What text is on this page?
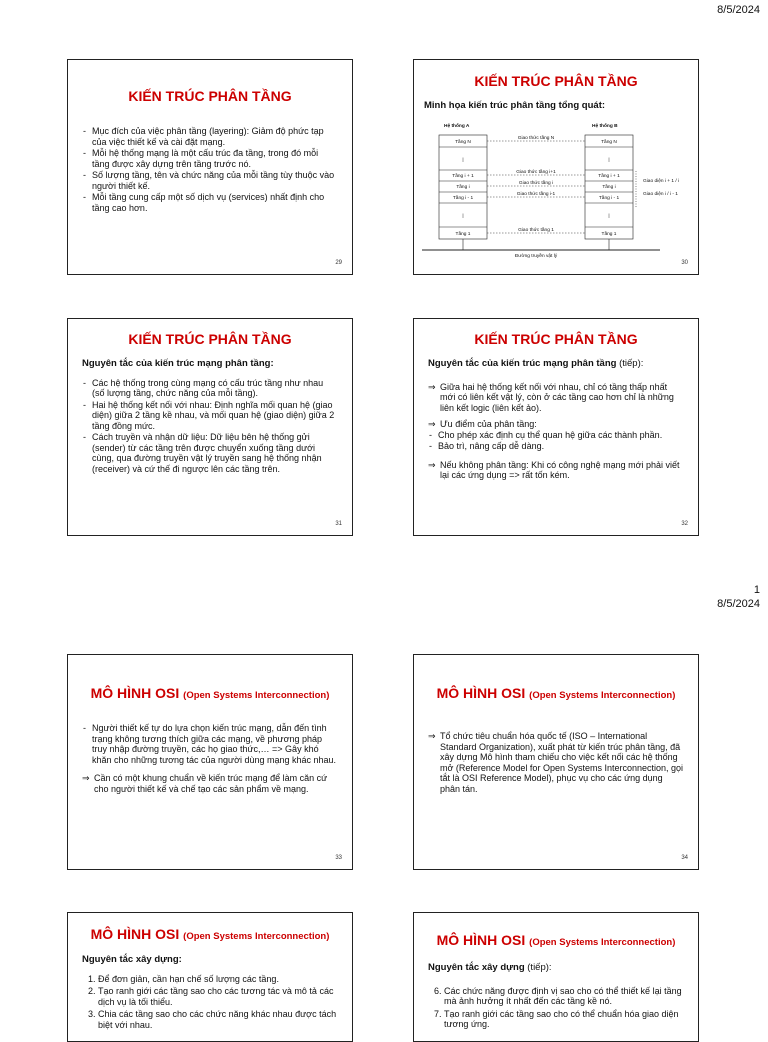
8/5/2024
1
8/5/2024
KIẾN TRÚC PHÂN TẦNG
- Mục đích của việc phân tầng (layering): Giảm độ phức tạp của việc thiết kế và cài đặt mạng.
- Mỗi hệ thống mạng là một cấu trúc đa tầng, trong đó mỗi tầng được xây dựng trên tầng trước nó.
- Số lượng tầng, tên và chức năng của mỗi tầng tùy thuộc vào người thiết kế.
- Mỗi tầng cung cấp một số dịch vụ (services) nhất định cho tầng cao hơn.
29
KIẾN TRÚC PHÂN TẦNG
Minh họa kiến trúc phân tầng tổng quát:
Hệ thống A	Hệ thống B
Tầng N
|
Tầng i + 1
Tầng i
Tầng i - 1
|
Tầng 1
Tầng N
|
Tầng i + 1
Tầng i
Tầng i - 1
|
Tầng 1
Giao thức tầng N
Giao thức tầng i+1
Giao thức tầng i
Giao thức tầng i-1
Giao thức tầng 1
Giao diện i + 1 / i
Giao diện i / i - 1
Đường truyền vật lý
30
KIẾN TRÚC PHÂN TẦNG
Nguyên tắc của kiến trúc mạng phân tầng:
- Các hệ thống trong cùng mạng có cấu trúc tầng như nhau (số lượng tầng, chức năng của mỗi tầng).
- Hai hệ thống kết nối với nhau: Định nghĩa mối quan hệ (giao diện) giữa 2 tầng kề nhau, và mối quan hệ (giao diện) giữa 2 tầng đồng mức.
- Cách truyền và nhận dữ liệu: Dữ liệu bên hệ thống gửi (sender) từ các tầng trên được chuyển xuống tầng dưới cùng, qua đường truyền vật lý truyền sang hệ thống nhận (receiver) và cứ thế đi ngược lên các tầng trên.
31
KIẾN TRÚC PHÂN TẦNG
Nguyên tắc của kiến trúc mạng phân tầng (tiếp):
⇒ Giữa hai hệ thống kết nối với nhau, chỉ có tầng thấp nhất mới có liên kết vật lý, còn ở các tầng cao hơn chỉ là những liên kết logic (liên kết ảo).
⇒ Ưu điểm của phân tầng:
- Cho phép xác định cụ thể quan hệ giữa các thành phần.
- Bảo trì, nâng cấp dễ dàng.
⇒ Nếu không phân tầng: Khi có công nghệ mạng mới phải viết lại các ứng dụng => rất tốn kém.
32
MÔ HÌNH OSI (Open Systems Interconnection)
- Người thiết kế tự do lựa chọn kiến trúc mạng, dẫn đến tình trạng không tương thích giữa các mạng, về phương pháp truy nhập đường truyền, các họ giao thức,… => Gây khó khăn cho những tương tác của người dùng mạng khác nhau.
⇒ Cần có một khung chuẩn về kiến trúc mạng để làm căn cứ cho người thiết kế và chế tạo các sản phẩm về mạng.
33
MÔ HÌNH OSI (Open Systems Interconnection)
⇒ Tổ chức tiêu chuẩn hóa quốc tế (ISO – International Standard Organization), xuất phát từ kiến trúc phân tầng, đã xây dựng Mô hình tham chiếu cho việc kết nối các hệ thống mở (Reference Model for Open Systems Interconnection, gọi tắt là OSI Reference Model), phục vụ cho các ứng dụng phân tán.
34
MÔ HÌNH OSI (Open Systems Interconnection)
Nguyên tắc xây dựng:
1. Để đơn giản, cần hạn chế số lượng các tầng.
2. Tạo ranh giới các tầng sao cho các tương tác và mô tả các dịch vụ là tối thiểu.
3. Chia các tầng sao cho các chức năng khác nhau được tách biệt với nhau.
MÔ HÌNH OSI (Open Systems Interconnection)
Nguyên tắc xây dựng (tiếp):
6. Các chức năng được định vị sao cho có thể thiết kế lại tầng mà ảnh hưởng ít nhất đến các tầng kề nó.
7. Tạo ranh giới các tầng sao cho có thể chuẩn hóa giao diện tương ứng.
